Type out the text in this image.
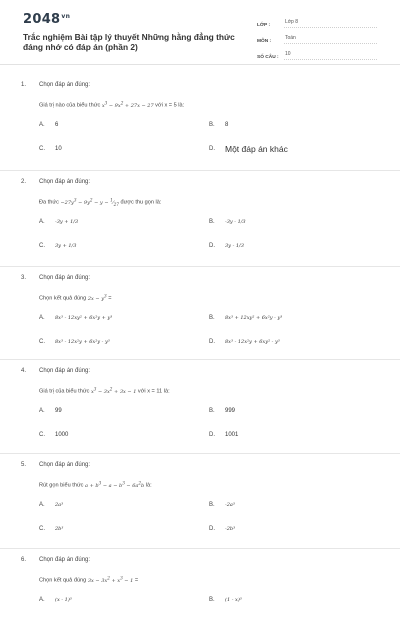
$2048^{vn}$
Trắc nghiệm Bài tập lý thuyết Những hằng đẳng thức đáng nhớ có đáp án (phần 2)
LỚP :
Lớp 8
MÔN :
Toán
SỐ CÂU :
10
1. Chọn đáp án đúng:
Giá trị nào của biểu thức $x^3 - 9x^2 + 27x - 27$ với x = 5 là:
A.	6	B.	8
C.	10	D.	Một đáp án khác
2. Chọn đáp án đúng:
Đa thức $-27y^3 - 9y^2 - y$ − $^1⁄_{27}$ được thu gọn là:
A.	-3y + 1/3	B.	-3y - 1/3
C.	3y + 1/3	D.	3y - 1/3
3. Chọn đáp án đúng:
Chọn kết quả đúng $2x - y^3$ =
A.	8x³ - 12xy² + 6x²y + y³	B.	8x³ + 12xy² + 6x²y - y³
C.	8x³ - 12x²y + 6x²y - y³	D.	8x³ - 12x²y + 6xy² - y³
4. Chọn đáp án đúng:
Giá trị của biểu thức $x^3 - 3x^2 + 3x - 1$ với x = 11 là:
A.	99	B.	999
C.	1000	D.	1001
5. Chọn đáp án đúng:
Rút gọn biểu thức $a + b^3 - a - b^3 - 6a^2b$ là:
A.	2a³	B.	-2a³
C.	2b³	D.	-2b³
6. Chọn đáp án đúng:
Chọn kết quả đúng $3x - 3x^2 + x^3 - 1$ =
A.	(x - 1)³	B.	(1 - x)³
